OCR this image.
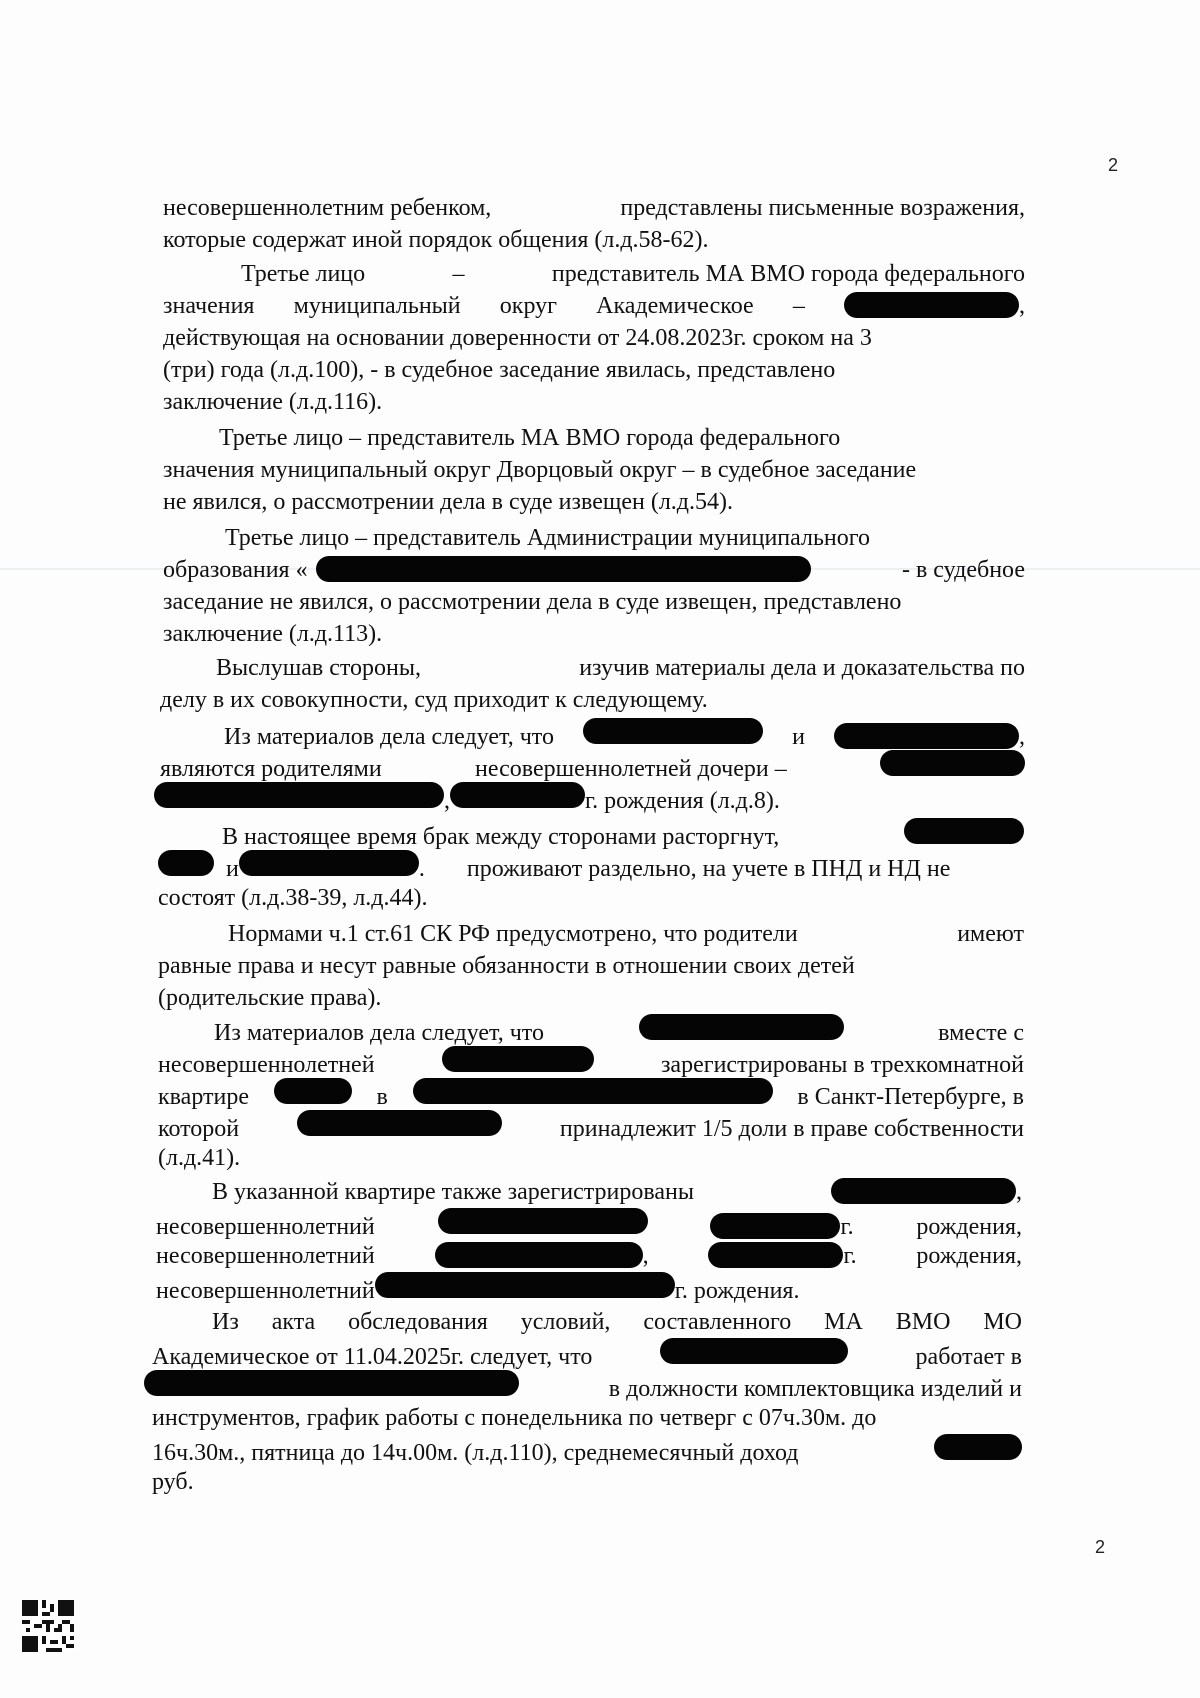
2
несовершеннолетним ребенком,	представлены письменные возражения,
которые содержат иной порядок общения (л.д.58-62).
Третье лицо	–	представитель МА ВМО города федерального
значения муниципальный округ Академическое –	,
действующая на основании доверенности от 24.08.2023г. сроком на 3
(три) года (л.д.100), - в судебное заседание явилась, представлено
заключение (л.д.116).
Третье лицо – представитель МА ВМО города федерального
значения муниципальный округ Дворцовый округ – в судебное заседание
не явился, о рассмотрении дела в суде извещен (л.д.54).
Третье лицо – представитель Администрации муниципального
образования «	- в судебное
заседание не явился, о рассмотрении дела в суде извещен, представлено
заключение (л.д.113).
Выслушав стороны,	изучив материалы дела и доказательства по
делу в их совокупности, суд приходит к следующему.
Из материалов дела следует, что	и	,
являются родителями	несовершеннолетней дочери –
,	г. рождения (л.д.8).
В настоящее время брак между сторонами расторгнут,
и	. проживают раздельно, на учете в ПНД и НД не
состоят (л.д.38-39, л.д.44).
Нормами ч.1 ст.61 СК РФ предусмотрено, что родители	имеют
равные права и несут равные обязанности в отношении своих детей
(родительские права).
Из материалов дела следует, что	вместе с
несовершеннолетней	зарегистрированы в трехкомнатной
квартире	в	в Санкт-Петербурге, в
которой	принадлежит 1/5 доли в праве собственности
(л.д.41).
В указанной квартире также зарегистрированы	,
несовершеннолетний	г.	рождения,
несовершеннолетний	,	г. рождения,
несовершеннолетний	г. рождения.
Из акта обследования условий, составленного МА ВМО МО
Академическое от 11.04.2025г. следует, что	работает в
в должности комплектовщика изделий и
инструментов, график работы с понедельника по четверг с 07ч.30м. до
16ч.30м., пятница до 14ч.00м. (л.д.110), среднемесячный доход
руб.
2
